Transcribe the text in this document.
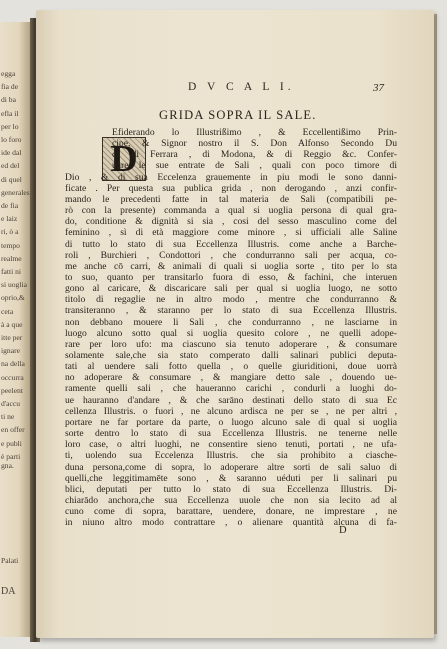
egga
fia de
di ba
efla il
per lo
lo foro
ide dal
ed del
di quel
generales
de fia
e laiz
ri, ò a
tempo
realme
fatti ni
si uoglia
oprio,&
ceta
à a que
itte per
ignare
na della
occurra
peelent
d'accu
ti ne
en offer
e publi
è parti
gna.
Palati
DA
D V C A L I.	37
GRIDA SOPRA IL SALE.
D
Efiderando lo Illustrißimo , & Eccellentißimo Prin-
cipe, & Signor nostro il S. Don Alfonso Secondo Du
ca di Ferrara , di Modona, & di Reggio &c. Confer-
uare le sue entrate de Sali , quali con poco timore di
Dio , & di sua Eccelenza grauemente in piu modi le sono danni-
ficate . Per questa sua publica grida , non derogando , anzi confir-
mando le precedenti fatte in tal materia de Sali (compatibili pe-
rò con la presente) commanda a qual si uoglia persona di qual gra-
do, conditione & dignità si sia , cosi del sesso masculino come del
feminino , sì di età maggiore come minore , si ufficiali alle Saline
di tutto lo stato di sua Eccellenza Illustris. come anche a Barche-
roli , Burchieri , Condottori , che condurranno sali per acqua, co-
me anche cō carri, & animali di quali si uoglia sorte , tito per lo sta
to suo, quanto per transitarlo fuora di esso, & fachini, che interuen
gono al caricare, & discaricare sali per qual si uoglia luogo, ne sotto
titolo di regaglie ne in altro modo , mentre che condurranno &
transiteranno , & staranno per lo stato di sua Eccellenza Illustris.
non debbano mouere li Sali , che condurranno , ne lasciarne in
luogo alcuno sotto qual si uoglia quesito colore , ne quelli adope-
rare per loro ufo: ma ciascuno sia tenuto adoperare , & consumare
solamente sale,che sia stato comperato dalli salinari publici deputa-
tati al uendere sali fotto quella , o quelle giuriditioni, doue uorrà
no adoperare & consumare , & mangiare detto sale , douendo ue-
ramente quelli sali , che haueranno carichi , condurli a luoghi do-
ue hauranno d'andare , & che sarāno destinati dello stato di sua Ec
cellenza Illustris. o fuori , ne alcuno ardisca ne per se , ne per altri ,
portare ne far portare da parte, o luogo alcuno sale di qual si uoglia
sorte dentro lo stato di sua Eccellenza Illustris. ne tenerne nelle
loro case, o altri luoghi, ne consentire sieno tenuti, portati , ne ufa-
ti, uolendo sua Eccelenza Illustris. che sia prohibito a ciasche-
duna persona,come di sopra, lo adoperare altre sorti de sali saluo di
quelli,che leggitimamēte sono , & saranno uéduti per li salinari pu
blici, deputati per tutto lo stato di sua Eccellenza Illustris. Di-
chiarādo anchora,che sua Eccellenza uuole che non sia lecito ad al
cuno come di sopra, barattare, uendere, donare, ne imprestare , ne
in niuno altro modo contrattare , o alienare quantità alcuna di fa-
D
